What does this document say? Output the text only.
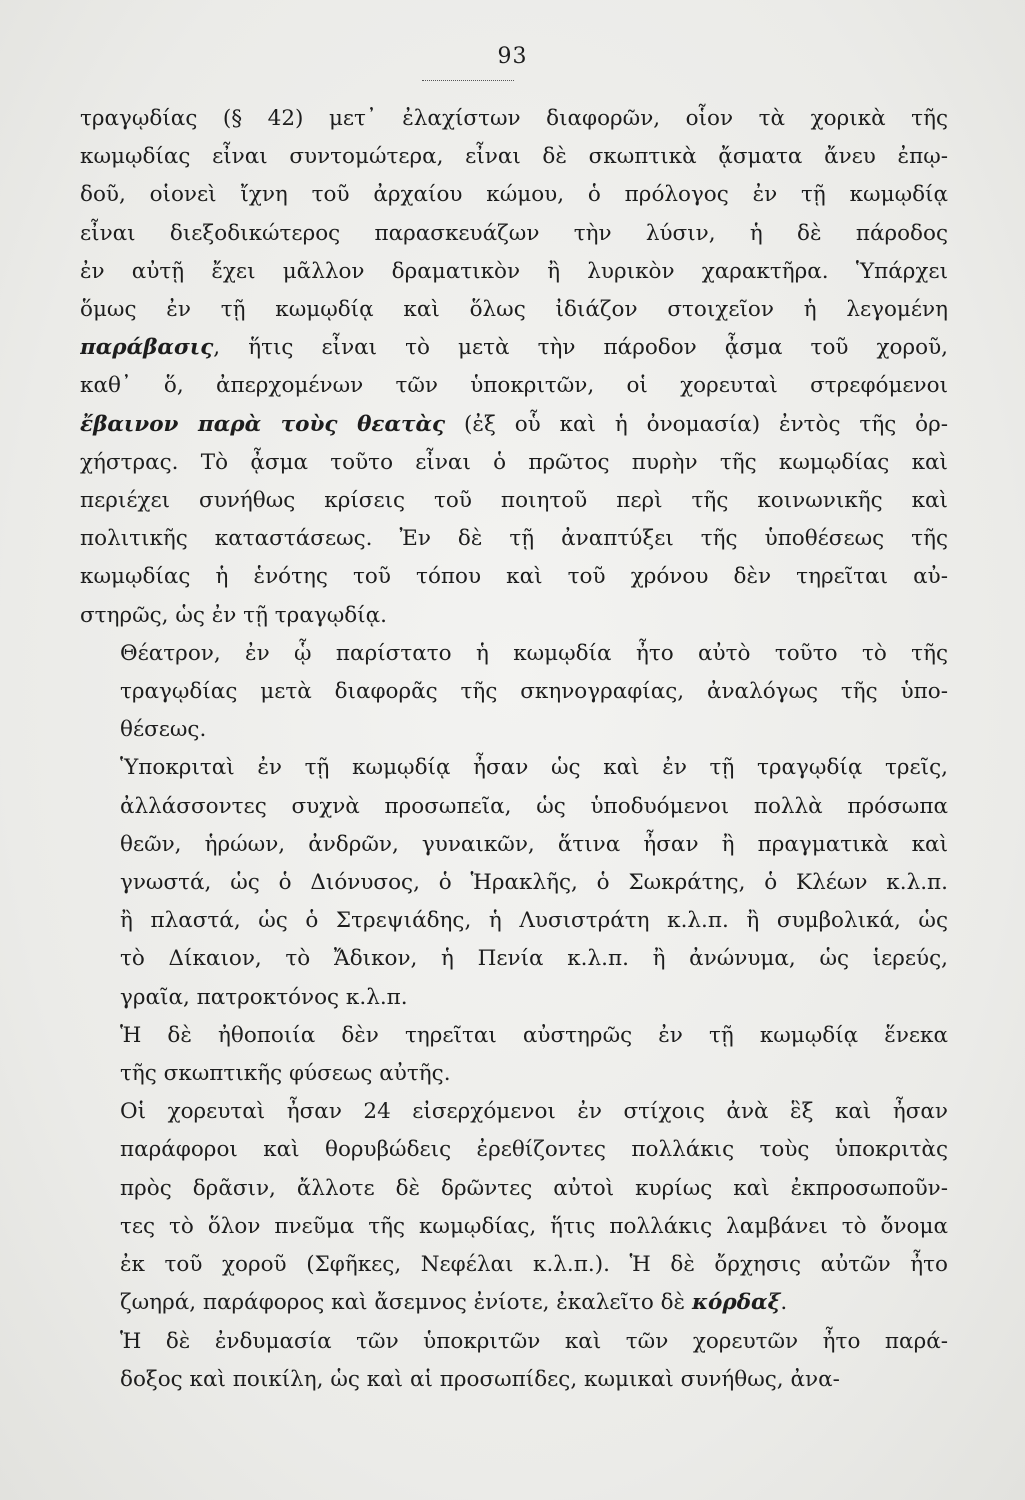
93

τραγῳδίας (§ 42) μετ᾽ ἐλαχίστων διαφορῶν, οἷον τὰ χορικὰ τῆς
κωμῳδίας εἶναι συντομώτερα, εἶναι δὲ σκωπτικὰ ᾄσματα ἄνευ ἐπῳ-
δοῦ, οἱονεὶ ἴχνη τοῦ ἀρχαίου κώμου, ὁ πρόλογος ἐν τῇ κωμῳδίᾳ
εἶναι διεξοδικώτερος παρασκευάζων τὴν λύσιν, ἡ δὲ πάροδος
ἐν αὐτῇ ἔχει μᾶλλον δραματικὸν ἢ λυρικὸν χαρακτῆρα. Ὑπάρχει
ὅμως ἐν τῇ κωμῳδίᾳ καὶ ὅλως ἰδιάζον στοιχεῖον ἡ λεγομένη
παράβασις, ἥτις εἶναι τὸ μετὰ τὴν πάροδον ᾆσμα τοῦ χοροῦ,
καθ᾽ ὅ, ἀπερχομένων τῶν ὑποκριτῶν, οἱ χορευταὶ στρεφόμενοι
ἔβαινον παρὰ τοὺς θεατὰς (ἐξ οὗ καὶ ἡ ὀνομασία) ἐντὸς τῆς ὀρ-
χήστρας. Τὸ ᾆσμα τοῦτο εἶναι ὁ πρῶτος πυρὴν τῆς κωμῳδίας καὶ
περιέχει συνήθως κρίσεις τοῦ ποιητοῦ περὶ τῆς κοινωνικῆς καὶ
πολιτικῆς καταστάσεως. Ἐν δὲ τῇ ἀναπτύξει τῆς ὑποθέσεως τῆς
κωμῳδίας ἡ ἑνότης τοῦ τόπου καὶ τοῦ χρόνου δὲν τηρεῖται αὐ-
στηρῶς, ὡς ἐν τῇ τραγῳδίᾳ.

Θέατρον, ἐν ᾧ παρίστατο ἡ κωμῳδία ἦτο αὐτὸ τοῦτο τὸ τῆς
τραγῳδίας μετὰ διαφορᾶς τῆς σκηνογραφίας, ἀναλόγως τῆς ὑπο-
θέσεως.

Ὑποκριταὶ ἐν τῇ κωμῳδίᾳ ἦσαν ὡς καὶ ἐν τῇ τραγῳδίᾳ τρεῖς,
ἀλλάσσοντες συχνὰ προσωπεῖα, ὡς ὑποδυόμενοι πολλὰ πρόσωπα
θεῶν, ἡρώων, ἀνδρῶν, γυναικῶν, ἅτινα ἦσαν ἢ πραγματικὰ καὶ
γνωστά, ὡς ὁ Διόνυσος, ὁ Ἡρακλῆς, ὁ Σωκράτης, ὁ Κλέων κ.λ.π.
ἢ πλαστά, ὡς ὁ Στρεψιάδης, ἡ Λυσιστράτη κ.λ.π. ἢ συμβολικά, ὡς
τὸ Δίκαιον, τὸ Ἄδικον, ἡ Πενία κ.λ.π. ἢ ἀνώνυμα, ὡς ἱερεύς,
γραῖα, πατροκτόνος κ.λ.π.

Ἡ δὲ ἠθοποιία δὲν τηρεῖται αὐστηρῶς ἐν τῇ κωμῳδίᾳ ἕνεκα
τῆς σκωπτικῆς φύσεως αὐτῆς.

Οἱ χορευταὶ ἦσαν 24 εἰσερχόμενοι ἐν στίχοις ἀνὰ ἓξ καὶ ἦσαν
παράφοροι καὶ θορυβώδεις ἐρεθίζοντες πολλάκις τοὺς ὑποκριτὰς
πρὸς δρᾶσιν, ἄλλοτε δὲ δρῶντες αὐτοὶ κυρίως καὶ ἐκπροσωποῦν-
τες τὸ ὅλον πνεῦμα τῆς κωμῳδίας, ἥτις πολλάκις λαμβάνει τὸ ὄνομα
ἐκ τοῦ χοροῦ (Σφῆκες, Νεφέλαι κ.λ.π.). Ἡ δὲ ὄρχησις αὐτῶν ἦτο
ζωηρά, παράφορος καὶ ἄσεμνος ἐνίοτε, ἐκαλεῖτο δὲ κόρδαξ.

Ἡ δὲ ἐνδυμασία τῶν ὑποκριτῶν καὶ τῶν χορευτῶν ἦτο παρά-
δοξος καὶ ποικίλη, ὡς καὶ αἱ προσωπίδες, κωμικαὶ συνήθως, ἀνα-
